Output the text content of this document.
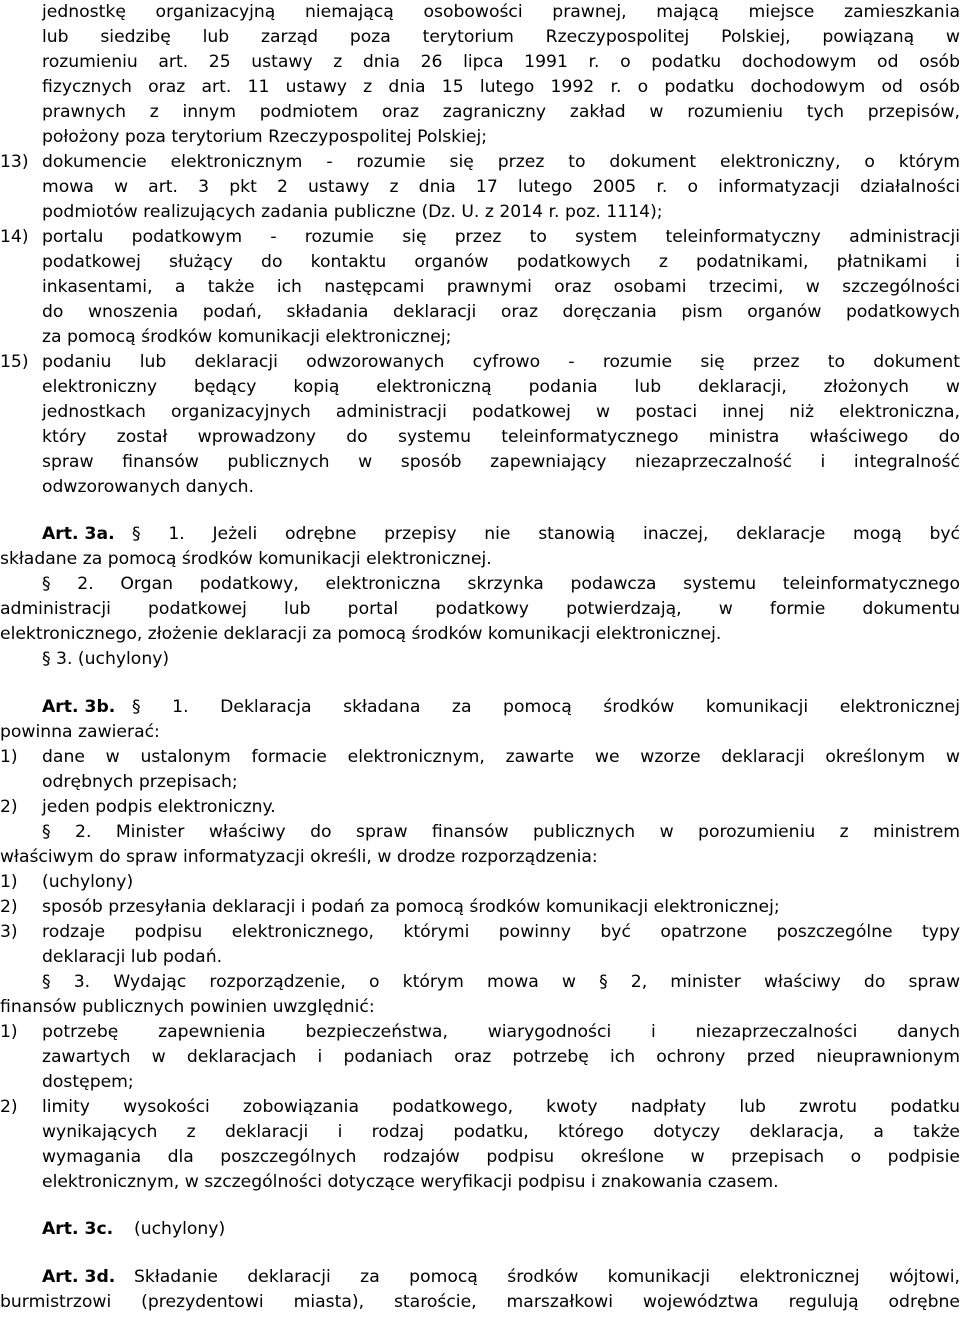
jednostkę organizacyjną niemającą osobowości prawnej, mającą miejsce zamieszkania
lub siedzibę lub zarząd poza terytorium Rzeczypospolitej Polskiej, powiązaną w
rozumieniu art. 25 ustawy z dnia 26 lipca 1991 r. o podatku dochodowym od osób
fizycznych oraz art. 11 ustawy z dnia 15 lutego 1992 r. o podatku dochodowym od osób
prawnych z innym podmiotem oraz zagraniczny zakład w rozumieniu tych przepisów,
położony poza terytorium Rzeczypospolitej Polskiej;
13) dokumencie elektronicznym - rozumie się przez to dokument elektroniczny, o którym
mowa w art. 3 pkt 2 ustawy z dnia 17 lutego 2005 r. o informatyzacji działalności
podmiotów realizujących zadania publiczne (Dz. U. z 2014 r. poz. 1114);
14) portalu podatkowym - rozumie się przez to system teleinformatyczny administracji
podatkowej służący do kontaktu organów podatkowych z podatnikami, płatnikami i
inkasentami, a także ich następcami prawnymi oraz osobami trzecimi, w szczególności
do wnoszenia podań, składania deklaracji oraz doręczania pism organów podatkowych
za pomocą środków komunikacji elektronicznej;
15) podaniu lub deklaracji odwzorowanych cyfrowo - rozumie się przez to dokument
elektroniczny będący kopią elektroniczną podania lub deklaracji, złożonych w
jednostkach organizacyjnych administracji podatkowej w postaci innej niż elektroniczna,
który został wprowadzony do systemu teleinformatycznego ministra właściwego do
spraw finansów publicznych w sposób zapewniający niezaprzeczalność i integralność
odwzorowanych danych.
Art. 3a.	§ 1. Jeżeli odrębne przepisy nie stanowią inaczej, deklaracje mogą być
składane za pomocą środków komunikacji elektronicznej.
§ 2. Organ podatkowy, elektroniczna skrzynka podawcza systemu teleinformatycznego
administracji podatkowej lub portal podatkowy potwierdzają, w formie dokumentu
elektronicznego, złożenie deklaracji za pomocą środków komunikacji elektronicznej.
§ 3. (uchylony)
Art. 3b. § 1. Deklaracja składana za pomocą środków komunikacji elektronicznej
powinna zawierać:
1) dane w ustalonym formacie elektronicznym, zawarte we wzorze deklaracji określonym w
odrębnych przepisach;
2) jeden podpis elektroniczny.
§ 2. Minister właściwy do spraw finansów publicznych w porozumieniu z ministrem
właściwym do spraw informatyzacji określi, w drodze rozporządzenia:
1) (uchylony)
2) sposób przesyłania deklaracji i podań za pomocą środków komunikacji elektronicznej;
3) rodzaje podpisu elektronicznego, którymi powinny być opatrzone poszczególne typy
deklaracji lub podań.
§ 3. Wydając rozporządzenie, o którym mowa w § 2, minister właściwy do spraw
finansów publicznych powinien uwzględnić:
1) potrzebę zapewnienia bezpieczeństwa, wiarygodności i niezaprzeczalności danych
zawartych w deklaracjach i podaniach oraz potrzebę ich ochrony przed nieuprawnionym
dostępem;
2) limity wysokości zobowiązania podatkowego, kwoty nadpłaty lub zwrotu podatku
wynikających z deklaracji i rodzaj podatku, którego dotyczy deklaracja, a także
wymagania dla poszczególnych rodzajów podpisu określone w przepisach o podpisie
elektronicznym, w szczególności dotyczące weryfikacji podpisu i znakowania czasem.
Art. 3c. (uchylony)
Art. 3d. Składanie deklaracji za pomocą środków komunikacji elektronicznej wójtowi,
burmistrzowi (prezydentowi miasta), staroście, marszałkowi województwa regulują odrębne
